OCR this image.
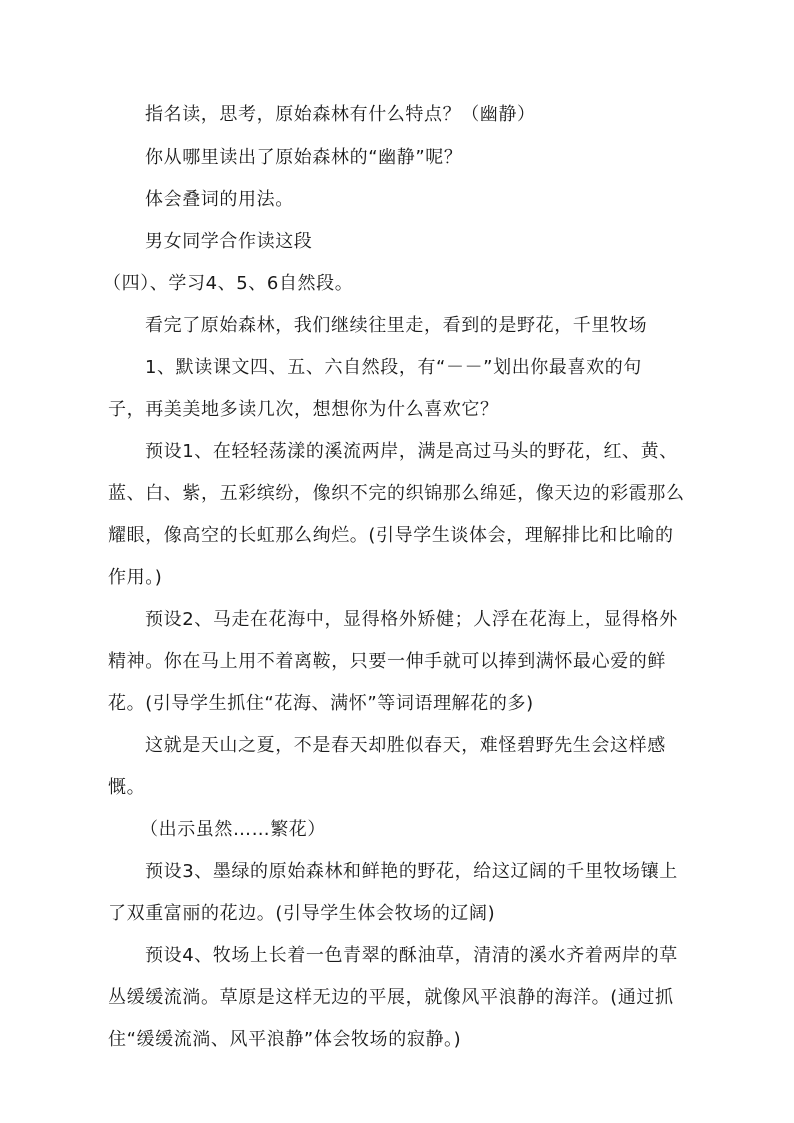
指名读，思考，原始森林有什么特点？（幽静）

你从哪里读出了原始森林的“幽静”呢？

体会叠词的用法。

男女同学合作读这段

（四）、学习4、5、6自然段。

看完了原始森林，我们继续往里走，看到的是野花，千里牧场

1、默读课文四、五、六自然段，有“－－”划出你最喜欢的句

子，再美美地多读几次，想想你为什么喜欢它？

预设1、在轻轻荡漾的溪流两岸，满是高过马头的野花，红、黄、

蓝、白、紫，五彩缤纷，像织不完的织锦那么绵延，像天边的彩霞那么

耀眼，像高空的长虹那么绚烂。(引导学生谈体会，理解排比和比喻的

作用。)

预设2、马走在花海中，显得格外矫健；人浮在花海上，显得格外

精神。你在马上用不着离鞍，只要一伸手就可以捧到满怀最心爱的鲜

花。(引导学生抓住“花海、满怀”等词语理解花的多)

这就是天山之夏，不是春天却胜似春天，难怪碧野先生会这样感

慨。

（出示虽然……繁花）

预设3、墨绿的原始森林和鲜艳的野花，给这辽阔的千里牧场镶上

了双重富丽的花边。(引导学生体会牧场的辽阔)

预设4、牧场上长着一色青翠的酥油草，清清的溪水齐着两岸的草

丛缓缓流淌。草原是这样无边的平展，就像风平浪静的海洋。(通过抓

住“缓缓流淌、风平浪静”体会牧场的寂静。)
